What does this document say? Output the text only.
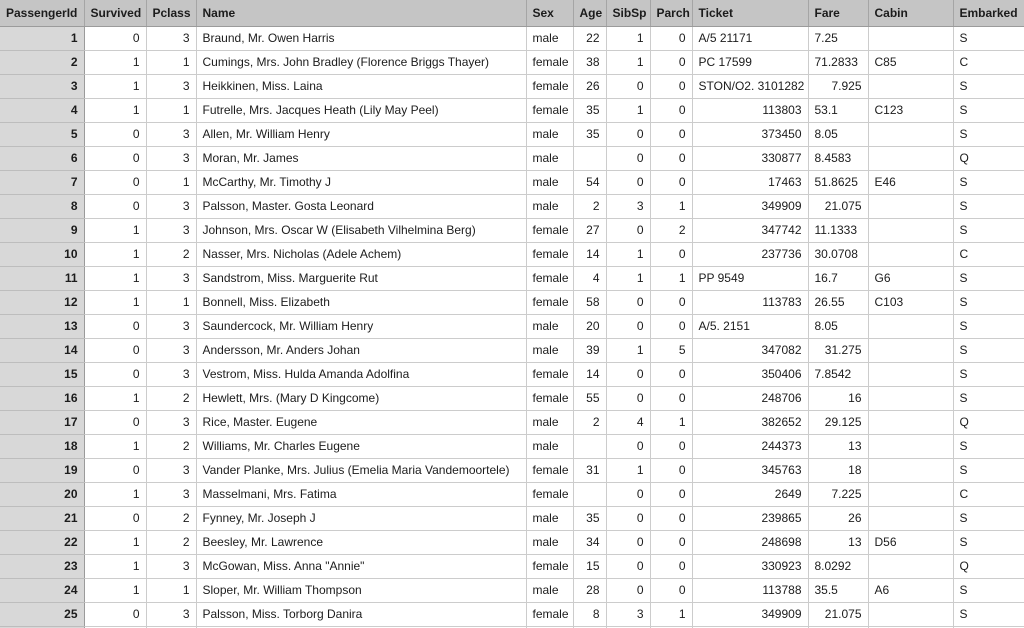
PassengerId	Survived	Pclass	Name	Sex	Age	SibSp	Parch	Ticket	Fare	Cabin	Embarked
1	0	3	Braund, Mr. Owen Harris	male	22	1	0	A/5 21171	7.25		S
2	1	1	Cumings, Mrs. John Bradley (Florence Briggs Thayer)	female	38	1	0	PC 17599	71.2833	C85	C
3	1	3	Heikkinen, Miss. Laina	female	26	0	0	STON/O2. 3101282	7.925		S
4	1	1	Futrelle, Mrs. Jacques Heath (Lily May Peel)	female	35	1	0	113803	53.1	C123	S
5	0	3	Allen, Mr. William Henry	male	35	0	0	373450	8.05		S
6	0	3	Moran, Mr. James	male		0	0	330877	8.4583		Q
7	0	1	McCarthy, Mr. Timothy J	male	54	0	0	17463	51.8625	E46	S
8	0	3	Palsson, Master. Gosta Leonard	male	2	3	1	349909	21.075		S
9	1	3	Johnson, Mrs. Oscar W (Elisabeth Vilhelmina Berg)	female	27	0	2	347742	11.1333		S
10	1	2	Nasser, Mrs. Nicholas (Adele Achem)	female	14	1	0	237736	30.0708		C
11	1	3	Sandstrom, Miss. Marguerite Rut	female	4	1	1	PP 9549	16.7	G6	S
12	1	1	Bonnell, Miss. Elizabeth	female	58	0	0	113783	26.55	C103	S
13	0	3	Saundercock, Mr. William Henry	male	20	0	0	A/5. 2151	8.05		S
14	0	3	Andersson, Mr. Anders Johan	male	39	1	5	347082	31.275		S
15	0	3	Vestrom, Miss. Hulda Amanda Adolfina	female	14	0	0	350406	7.8542		S
16	1	2	Hewlett, Mrs. (Mary D Kingcome)	female	55	0	0	248706	16		S
17	0	3	Rice, Master. Eugene	male	2	4	1	382652	29.125		Q
18	1	2	Williams, Mr. Charles Eugene	male		0	0	244373	13		S
19	0	3	Vander Planke, Mrs. Julius (Emelia Maria Vandemoortele)	female	31	1	0	345763	18		S
20	1	3	Masselmani, Mrs. Fatima	female		0	0	2649	7.225		C
21	0	2	Fynney, Mr. Joseph J	male	35	0	0	239865	26		S
22	1	2	Beesley, Mr. Lawrence	male	34	0	0	248698	13	D56	S
23	1	3	McGowan, Miss. Anna "Annie"	female	15	0	0	330923	8.0292		Q
24	1	1	Sloper, Mr. William Thompson	male	28	0	0	113788	35.5	A6	S
25	0	3	Palsson, Miss. Torborg Danira	female	8	3	1	349909	21.075		S
